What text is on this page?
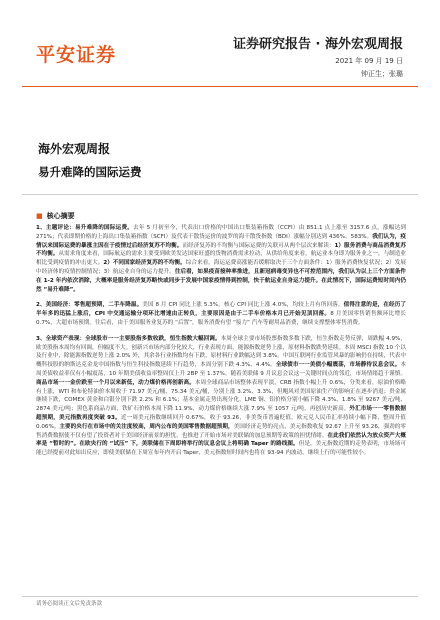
平安证券	证券研究报告 · 海外宏观周报
2021 年 09 月 19 日
钟正生；张璐
海外宏观周报
易升难降的国际运费
■ 核心摘要

1、主题评论：易升难降的国际运费。去年 5 月初至今，代表出口价格的中国出口集装箱指数（CCFI）由 851.1 点上涨至 3157.6 点，涨幅达到 271%；代表即期价格的上海出口集装箱指数（SCFI）及代表干散货运价的波罗的海干散货指数（BDI）涨幅分别达到 436%、583%。我们认为，疫情以来国际运费的暴涨主因在于疫情过后经济复苏不均衡。而经济复苏的不均衡与国际运费的关联可从两个层次来解读：1）服务消费与商品消费复苏不均衡。从需求角度来看，国际航运的需求主要受到欧美发达国家旺盛的货物消费需求拉动，从供给角度来看，航运业本身即为服务业之一，与制造业相比受到疫情的冲击更大。2）不同国家经济复苏的不均衡。综合来看，海运运费高涨能否缓解取决于三个方面条件：1）服务消费恢复状况；2）发展中经济体的疫情控制情况；3）航运业自身的运力提升。往后看，如果疫苗接种率推进，且新冠病毒变异也不可控范围内，我们认为以上三个方面条件在 1-2 年内依次消除，大概率是服务经济复苏略快或同步于发展中国家疫情得到控制，快于航运业自身运力提升。在此情况下，国际运费短时间内仍然 “易升难降”。

2、美国经济：零售超预期，二手车降温。美国 8 月 CPI 同比上涨 5.3%，核心 CPI 同比上涨 4.0%，均较上月有所回落。值得注意的是，在经历了半年多的迅猛上涨后，CPI 中交通运输分项环比增速由正转负，主要原因是由于二手车价格本月已开始见顶回落。8 月美国零售销售额环比增长 0.7%，大超市场预期。往后看，由于美国服务业复苏的 “后置”，服务消费有望 “接力” 汽车等耐用品消费，继续支撑整体零售消费。

3、全球资产表现：全球股市一一主要股指多数收跌，恒生指数大幅回调。本周全球主要市场股票指数多数下跌，恒生指数走势反弹，周跌幅 4.9%，欧美股指本周均有回调，但幅度不大。创新兴市场内部分化较大，行业表现方面，能源指数逆势上涨，原材料指数跌势延续。本周 MSCI 指数 10 个以及行业中，除能源指数逆势上涨 2.0% 外，其余各行业指数均有下跌，原材料行业跌幅达到 3.8%。中国互联网行业监管风暴的影响仍在持续，代表中概科技股的纳斯达克金龙中国指数与恒生科技指数延续下行趋势，本周分别下跌 4.3%、4.4%。全球债市一一美债小幅震荡，市场静待议息会议。本周美债收益率仅有小幅震荡，10 年期美债收益率整周仅上升 2BP 至 1.37%。随着美联储 9 月议息会议这一关键时间点的邻近，市场情绪趋于谨慎。商品市场一一金价跌至一个月以来新低，动力煤价格再创新高。本周全球商品市场整体表现平淡，CRB 指数小幅上升 0.6%，分类来看，原油价格略有上涨，WTI 和布伦特油价本周收于 71.97 美元/桶、75.34 美元/桶，分别上涨 3.2%、3.3%，但飓风对美国原油生产的影响正在逐步消退；贵金属继续下跌，COMEX 黄金和白银分别下跌 2.2% 和 6.1%；基本金属走势出现分化，LME 铜、铝价格分别小幅下降 4.3%、1.8% 至 9267 美元/吨、2874 美元/吨；黑色系商品方面，铁矿石价格本周下降 11.9%，动力煤价格继续大涨 7.9% 至 1057 元/吨，再创历史新高。外汇市场一一零售数据超预期，美元指数再度突破 93。近一周美元指数继续回升 0.67%，收于 93.26，非美货币普遍贬值。欧元兑人民币汇率持续小幅下降，整周升值 0.06%。主要的央行在市场中的关注度较高，周内公布的美国零售数据超预期，美国经济走势的亮点，美元指数收复 92.67 上升至 93.26，强劲的零售消费数据使不仅有望了投资者对于美国经济前景的担忧，也推进了开始市场对美联储的加息预期等政策的担忧情绪。在此我们依然认为放众资产大概率是 “暂时的”。在欧央行的 “试压” 下，美联储在下周即将举行的议息会议上将明确 Taper 的路线图。但是，美元指数近期的走势表明，市场场可能已经提前对此知出反应，即使美联储在下周宣布年内开启 Taper，美元指数短时间内也将在 93-94 内波动，继续上行的可能性较小。

请务必阅读正文后免责条款
